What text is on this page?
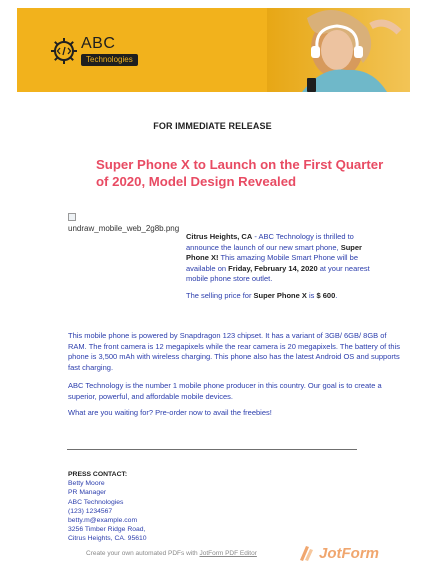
ABC
Technologies
FOR IMMEDIATE RELEASE
Super Phone X to Launch on the First Quarter of 2020, Model Design Revealed
undraw_mobile_web_2g8b.png
Citrus Heights, CA - ABC Technology is thrilled to announce the launch of our new smart phone, Super Phone X! This amazing Mobile Smart Phone will be available on Friday, February 14, 2020 at your nearest mobile phone store outlet.
The selling price for Super Phone X is $ 600.
This mobile phone is powered by Snapdragon 123 chipset. It has a variant of 3GB/ 6GB/ 8GB of RAM. The front camera is 12 megapixels while the rear camera is 20 megapixels. The battery of this phone is 3,500 mAh with wireless charging. This phone also has the latest Android OS and supports fast charging.
ABC Technology is the number 1 mobile phone producer in this country. Our goal is to create a superior, powerful, and affordable mobile devices.
What are you waiting for? Pre-order now to avail the freebies!
PRESS CONTACT:
Betty Moore
PR Manager
ABC Technologies
(123) 1234567
betty.m@example.com
3256 Timber Ridge Road,
Citrus Heights, CA. 95610
Create your own automated PDFs with JotForm PDF Editor	JotForm
